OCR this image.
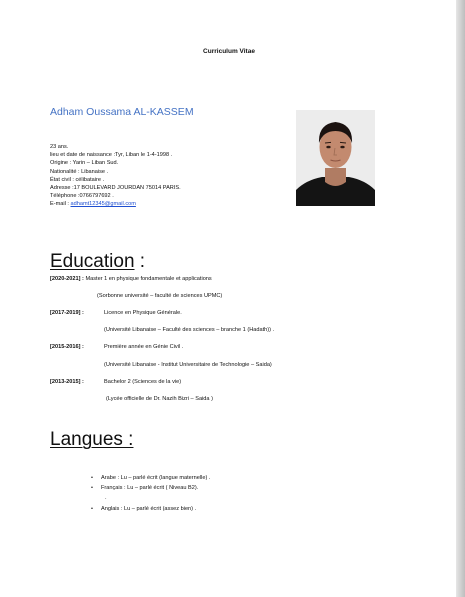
Curriculum Vitae
Adham Oussama AL-KASSEM
23 ans.
lieu et date de naissance :Tyr, Liban le 1-4-1998 .
Origine : Yarin – Liban Sud.
Nationalité : Libanaise .
État civil : célibataire .
Adresse :17 BOULEVARD JOURDAN 75014 PARIS.
Téléphone :0766797692 .
E-mail : adhamt12345@gmail.com
Education :
[2020-2021] : Master 1 en physique fondamentale et applications
(Sorbonne université – faculté de sciences UPMC)
[2017-2019] :	Licence en Physique Générale.
(Université Libanaise – Faculté des sciences – branche 1 (Hadath)) .
[2015-2016] :	Première année en Génie Civil .
(Université Libanaise - Institut Universitaire de Technologie – Saida)
[2013-2015] :	Bachelor 2 (Sciences de la vie)
(Lycée officielle de Dr. Nazih Bizri – Saida )
Langues :
• Arabe : Lu – parlé écrit (langue maternelle) .
• Français : Lu – parlé écrit ( Niveau B2).
.
• Anglais : Lu – parlé écrit (assez bien) .
